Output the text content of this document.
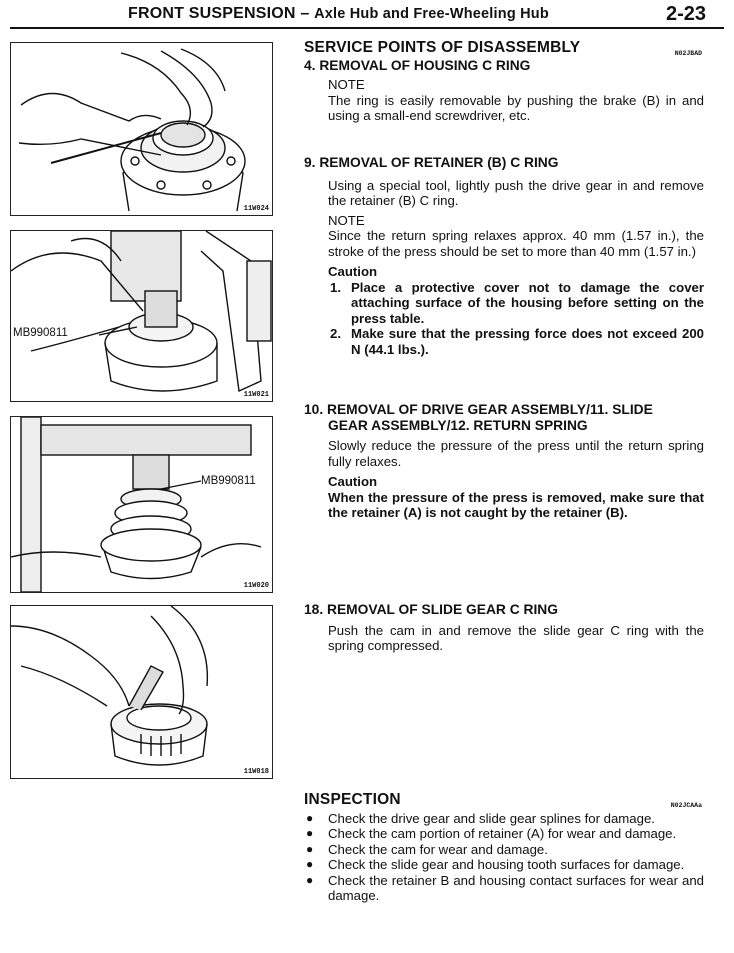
FRONT SUSPENSION – Axle Hub and Free-Wheeling Hub	2-23
11W024
MB990811
11W021
MB990811
11W020
11W018
SERVICE POINTS OF DISASSEMBLY	N02JBAD
4. REMOVAL OF HOUSING C RING
NOTE
The ring is easily removable by pushing the brake (B) in and using a small-end screwdriver, etc.
9. REMOVAL OF RETAINER (B) C RING
Using a special tool, lightly push the drive gear in and remove the retainer (B) C ring.
NOTE
Since the return spring relaxes approx. 40 mm (1.57 in.), the stroke of the press should be set to more than 40 mm (1.57 in.)
Caution
1. Place a protective cover not to damage the cover attaching surface of the housing before setting on the press table.
2. Make sure that the pressing force does not exceed 200 N (44.1 lbs.).
10. REMOVAL OF DRIVE GEAR ASSEMBLY/11. SLIDE
GEAR ASSEMBLY/12. RETURN SPRING
Slowly reduce the pressure of the press until the return spring fully relaxes.
Caution
When the pressure of the press is removed, make sure that the retainer (A) is not caught by the retainer (B).
18. REMOVAL OF SLIDE GEAR C RING
Push the cam in and remove the slide gear C ring with the spring compressed.
INSPECTION	N02JCAAa
● Check the drive gear and slide gear splines for damage.
● Check the cam portion of retainer (A) for wear and damage.
● Check the cam for wear and damage.
● Check the slide gear and housing tooth surfaces for damage.
● Check the retainer B and housing contact surfaces for wear and damage.
